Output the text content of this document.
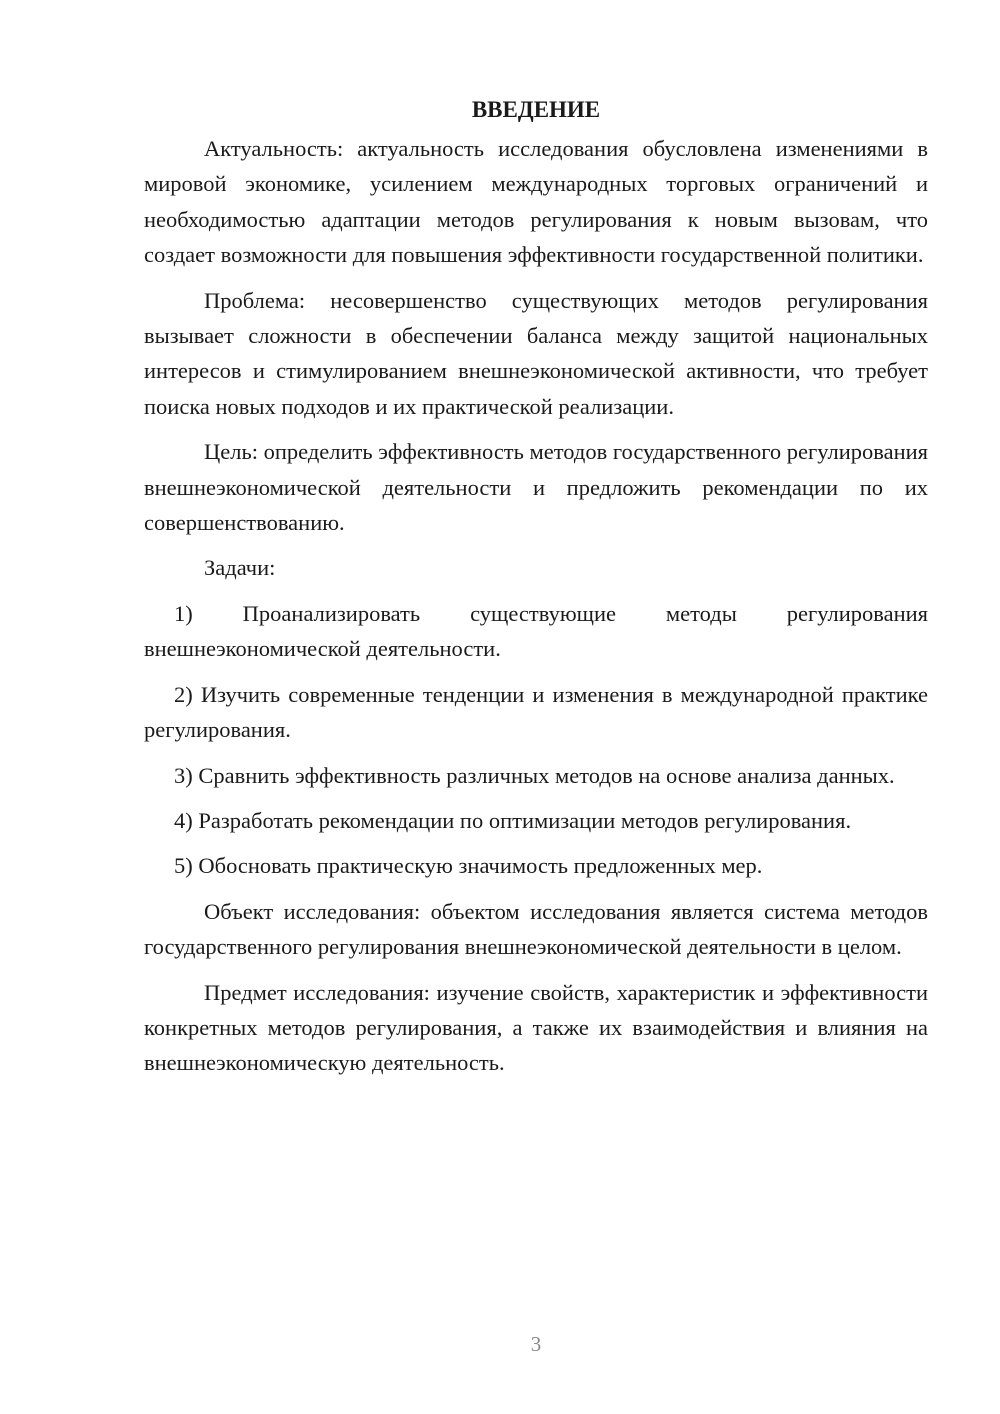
ВВЕДЕНИЕ

Актуальность: актуальность исследования обусловлена изменениями в мировой экономике, усилением международных торговых ограничений и необходимостью адаптации методов регулирования к новым вызовам, что создает возможности для повышения эффективности государственной политики.

Проблема: несовершенство существующих методов регулирования вызывает сложности в обеспечении баланса между защитой национальных интересов и стимулированием внешнеэкономической активности, что требует поиска новых подходов и их практической реализации.

Цель: определить эффективность методов государственного регулирования внешнеэкономической деятельности и предложить рекомендации по их совершенствованию.

Задачи:

1) Проанализировать существующие методы регулирования внешнеэкономической деятельности.

2) Изучить современные тенденции и изменения в международной практике регулирования.

3) Сравнить эффективность различных методов на основе анализа данных.

4) Разработать рекомендации по оптимизации методов регулирования.

5) Обосновать практическую значимость предложенных мер.

Объект исследования: объектом исследования является система методов государственного регулирования внешнеэкономической деятельности в целом.

Предмет исследования: изучение свойств, характеристик и эффективности конкретных методов регулирования, а также их взаимодействия и влияния на внешнеэкономическую деятельность.

3
